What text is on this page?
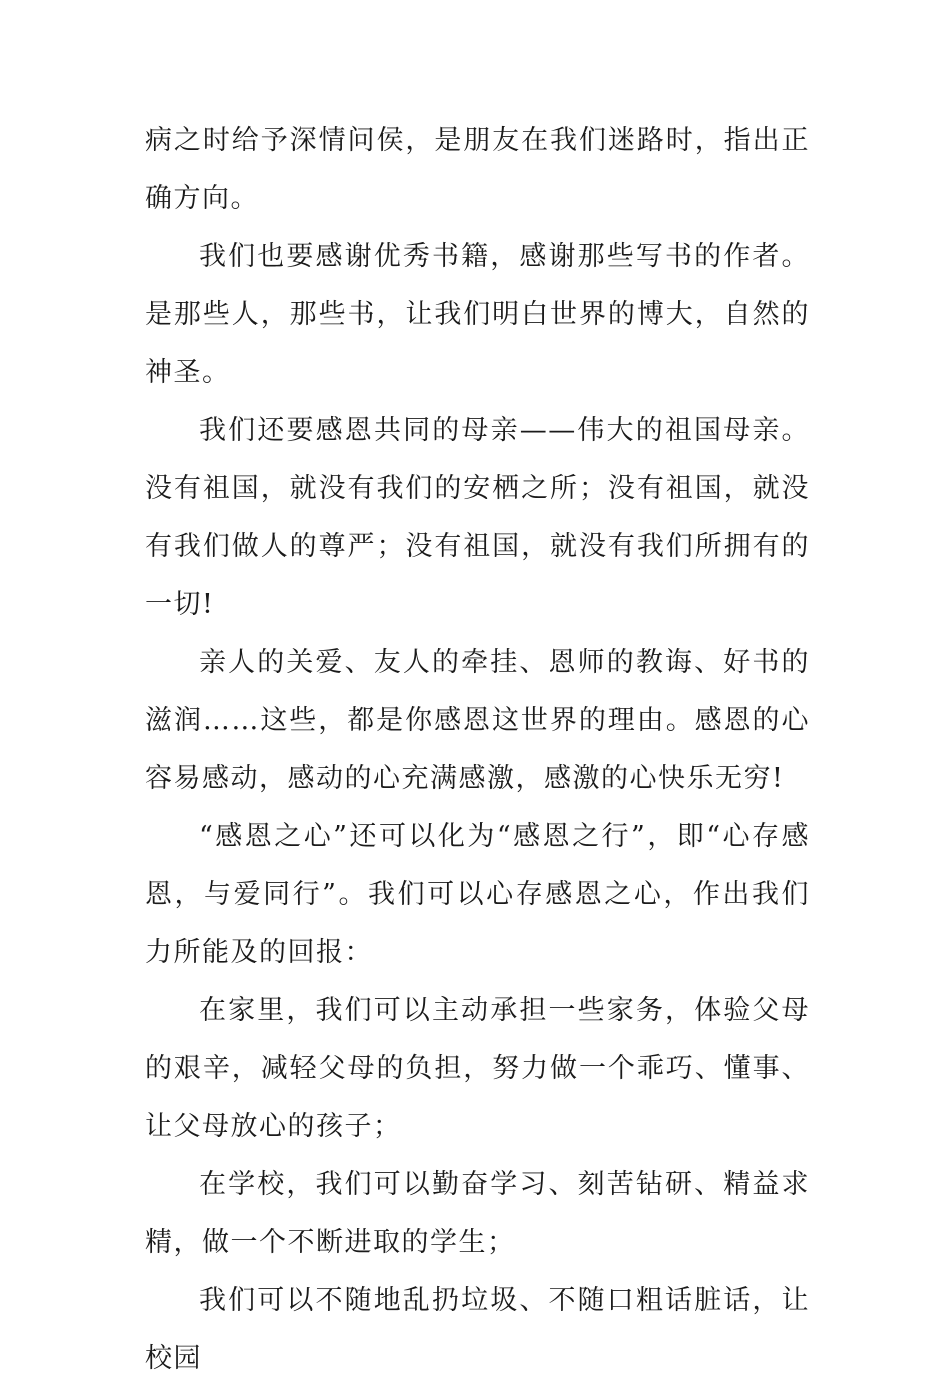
病之时给予深情问侯，是朋友在我们迷路时，指出正确方向。

我们也要感谢优秀书籍，感谢那些写书的作者。是那些人，那些书，让我们明白世界的博大，自然的神圣。

我们还要感恩共同的母亲——伟大的祖国母亲。没有祖国，就没有我们的安栖之所；没有祖国，就没有我们做人的尊严；没有祖国，就没有我们所拥有的一切!

亲人的关爱、友人的牵挂、恩师的教诲、好书的滋润……这些，都是你感恩这世界的理由。感恩的心容易感动，感动的心充满感激，感激的心快乐无穷!

“感恩之心”还可以化为“感恩之行”，即“心存感恩，与爱同行”。我们可以心存感恩之心，作出我们力所能及的回报：

在家里，我们可以主动承担一些家务，体验父母的艰辛，减轻父母的负担，努力做一个乖巧、懂事、让父母放心的孩子；

在学校，我们可以勤奋学习、刻苦钻研、精益求精，做一个不断进取的学生；

我们可以不随地乱扔垃圾、不随口粗话脏话，让校园
